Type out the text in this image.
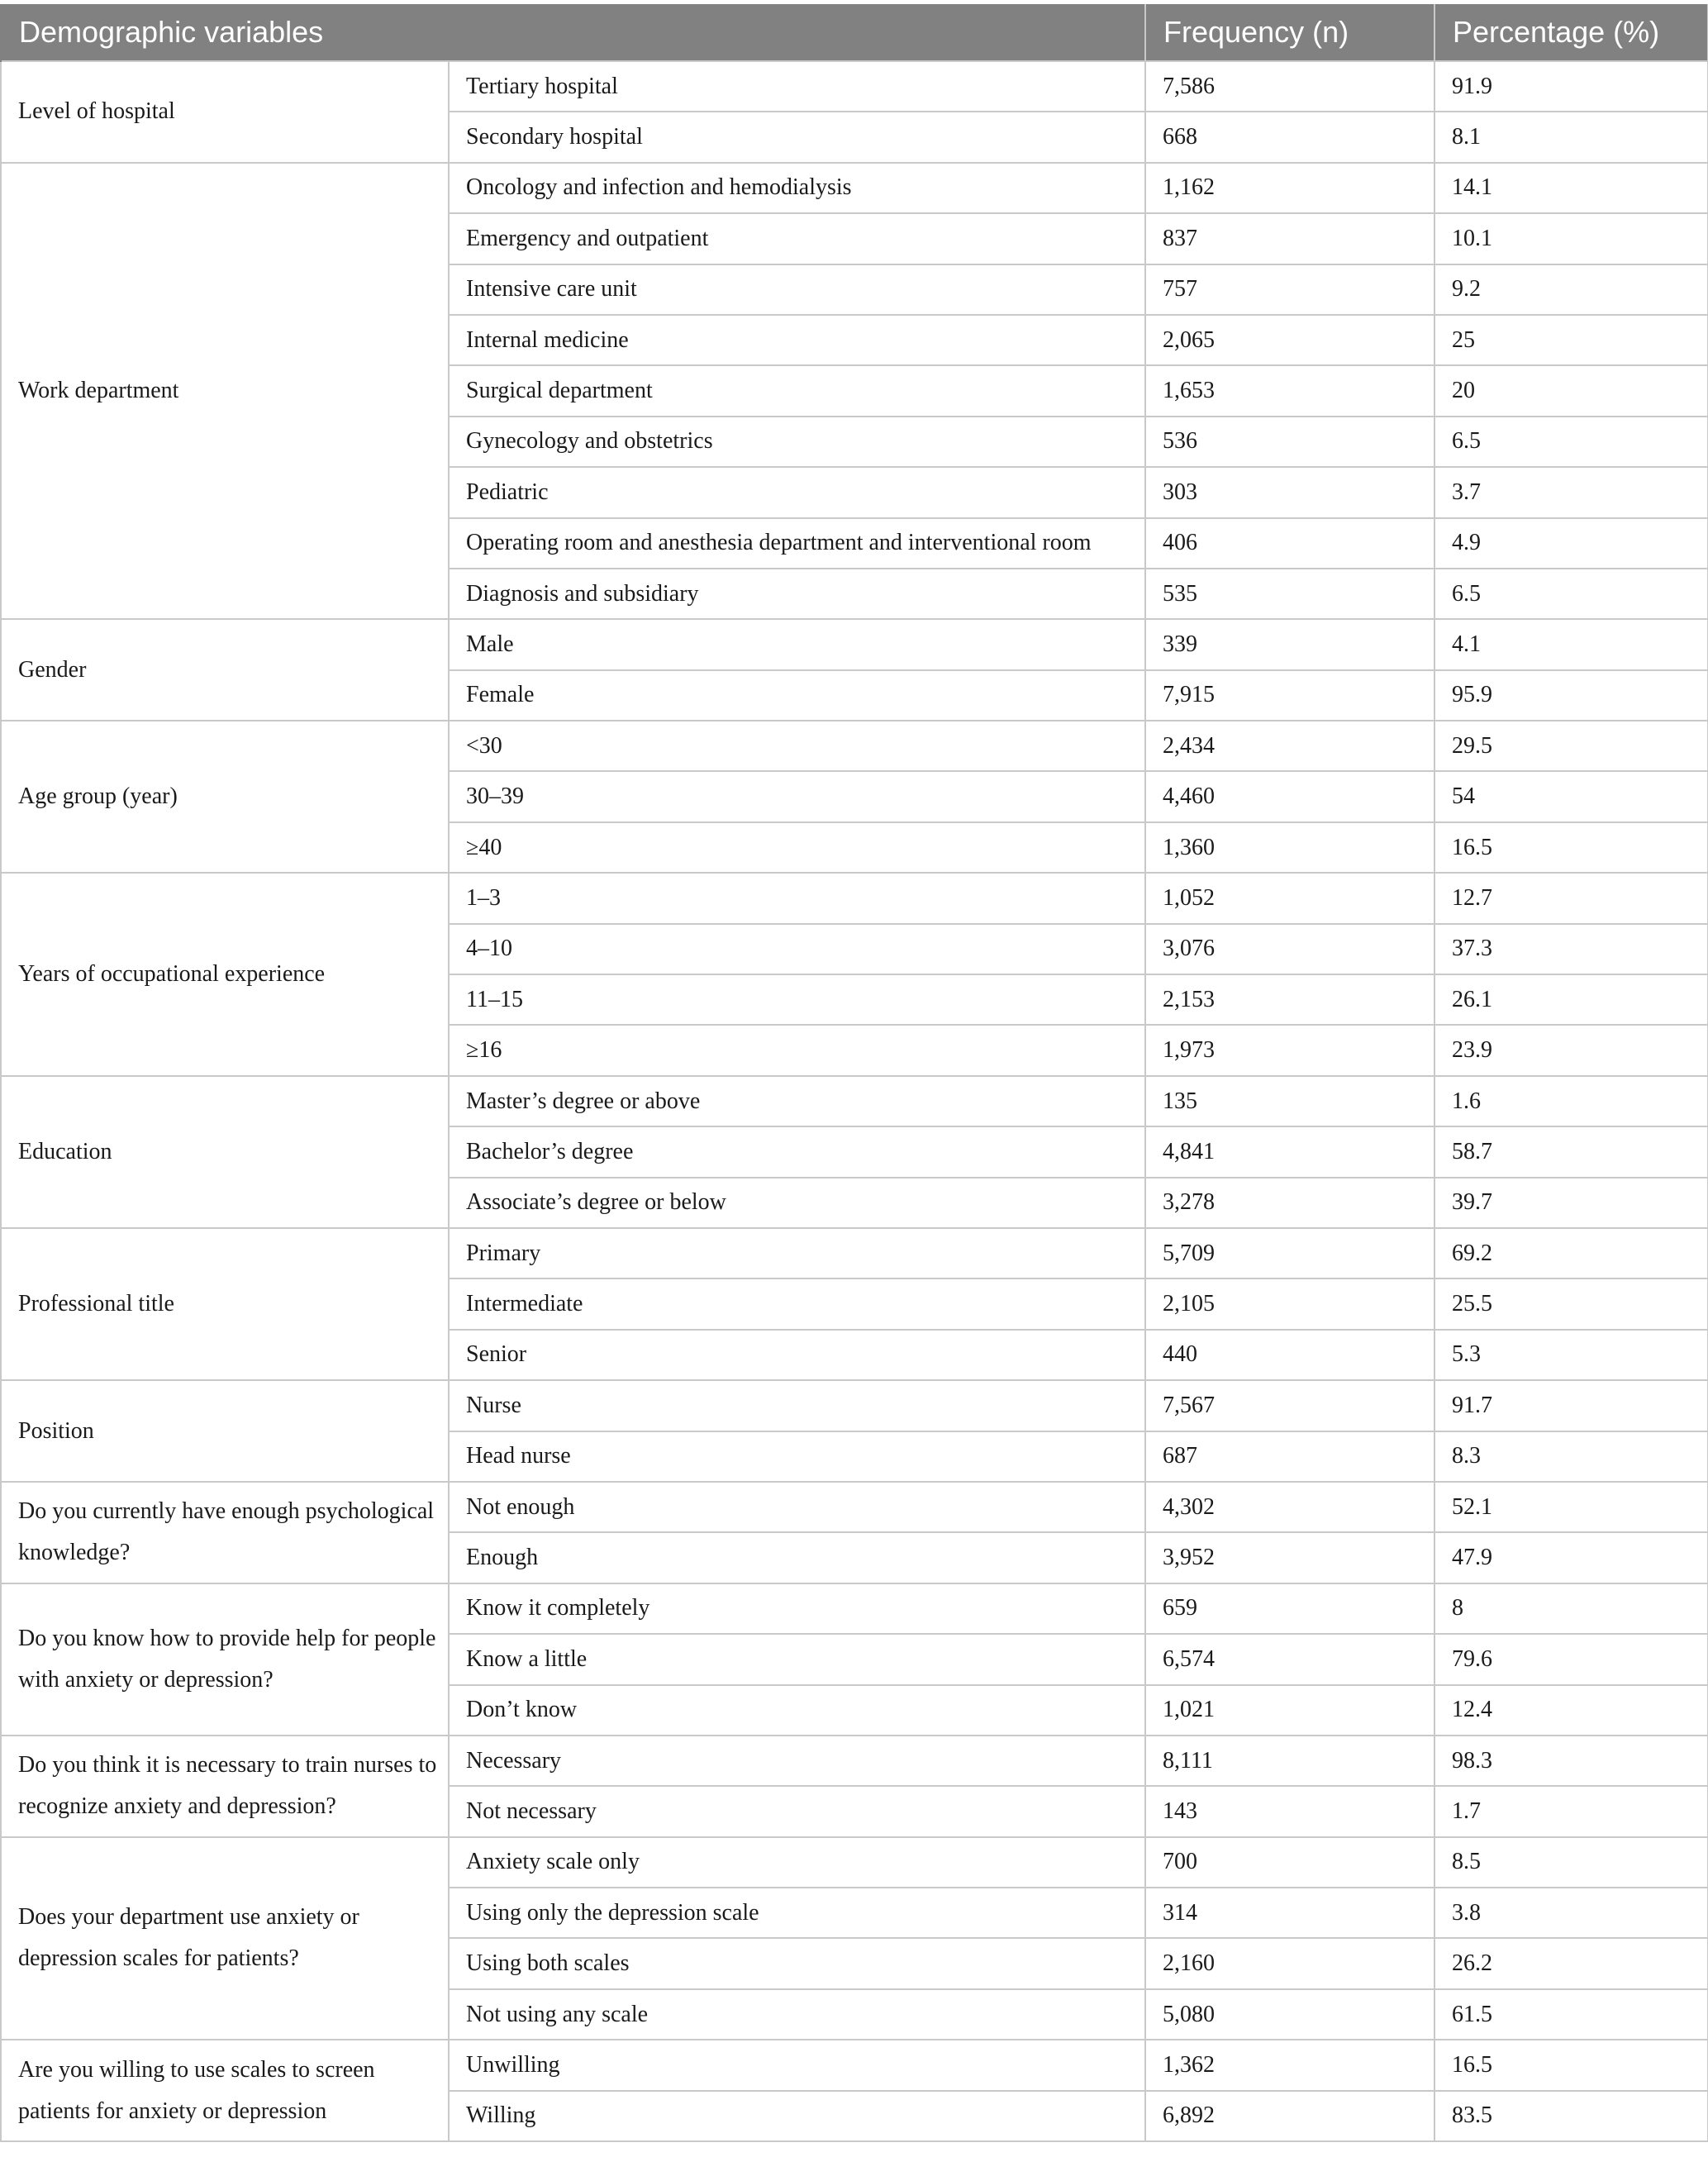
Demographic variables		Frequency (n)	Percentage (%)
Level of hospital	Tertiary hospital	7,586	91.9
	Secondary hospital	668	8.1
Work department	Oncology and infection and hemodialysis	1,162	14.1
	Emergency and outpatient	837	10.1
	Intensive care unit	757	9.2
	Internal medicine	2,065	25
	Surgical department	1,653	20
	Gynecology and obstetrics	536	6.5
	Pediatric	303	3.7
	Operating room and anesthesia department and interventional room	406	4.9
	Diagnosis and subsidiary	535	6.5
Gender	Male	339	4.1
	Female	7,915	95.9
Age group (year)	<30	2,434	29.5
	30–39	4,460	54
	≥40	1,360	16.5
Years of occupational experience	1–3	1,052	12.7
	4–10	3,076	37.3
	11–15	2,153	26.1
	≥16	1,973	23.9
Education	Master’s degree or above	135	1.6
	Bachelor’s degree	4,841	58.7
	Associate’s degree or below	3,278	39.7
Professional title	Primary	5,709	69.2
	Intermediate	2,105	25.5
	Senior	440	5.3
Position	Nurse	7,567	91.7
	Head nurse	687	8.3
Do you currently have enough psychological knowledge?	Not enough	4,302	52.1
	Enough	3,952	47.9
Do you know how to provide help for people with anxiety or depression?	Know it completely	659	8
	Know a little	6,574	79.6
	Don’t know	1,021	12.4
Do you think it is necessary to train nurses to recognize anxiety and depression?	Necessary	8,111	98.3
	Not necessary	143	1.7
Does your department use anxiety or depression scales for patients?	Anxiety scale only	700	8.5
	Using only the depression scale	314	3.8
	Using both scales	2,160	26.2
	Not using any scale	5,080	61.5
Are you willing to use scales to screen patients for anxiety or depression	Unwilling	1,362	16.5
	Willing	6,892	83.5
